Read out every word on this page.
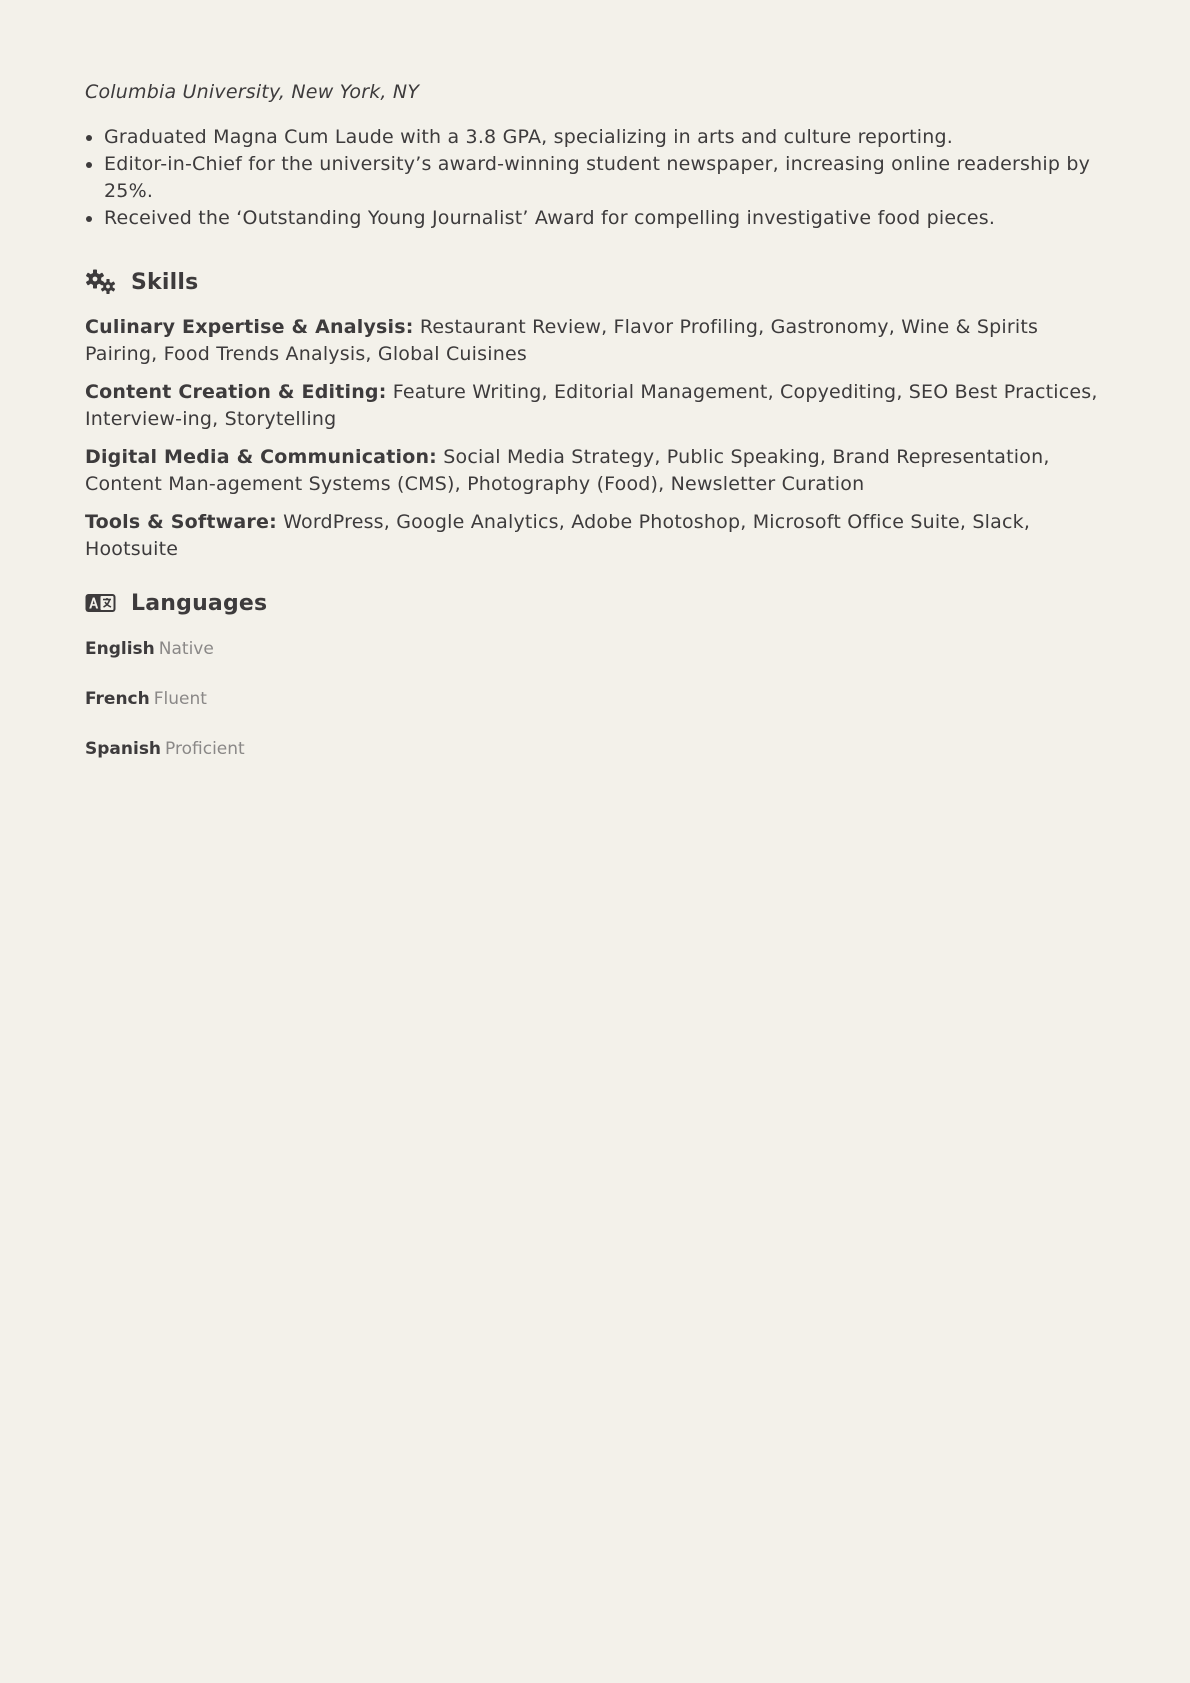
Columbia University, New York, NY

• Graduated Magna Cum Laude with a 3.8 GPA, specializing in arts and culture reporting.
• Editor-in-Chief for the university’s award-winning student newspaper, increasing online readership by 25%.
• Received the ‘Outstanding Young Journalist’ Award for compelling investigative food pieces.
Skills
Culinary Expertise & Analysis: Restaurant Review, Flavor Profiling, Gastronomy, Wine & Spirits Pairing, Food Trends Analysis, Global Cuisines
Content Creation & Editing: Feature Writing, Editorial Management, Copyediting, SEO Best Practices, Interview-ing, Storytelling
Digital Media & Communication: Social Media Strategy, Public Speaking, Brand Representation, Content Man-agement Systems (CMS), Photography (Food), Newsletter Curation
Tools & Software: WordPress, Google Analytics, Adobe Photoshop, Microsoft Office Suite, Slack, Hootsuite
Languages
English Native
French Fluent
Spanish Proficient
